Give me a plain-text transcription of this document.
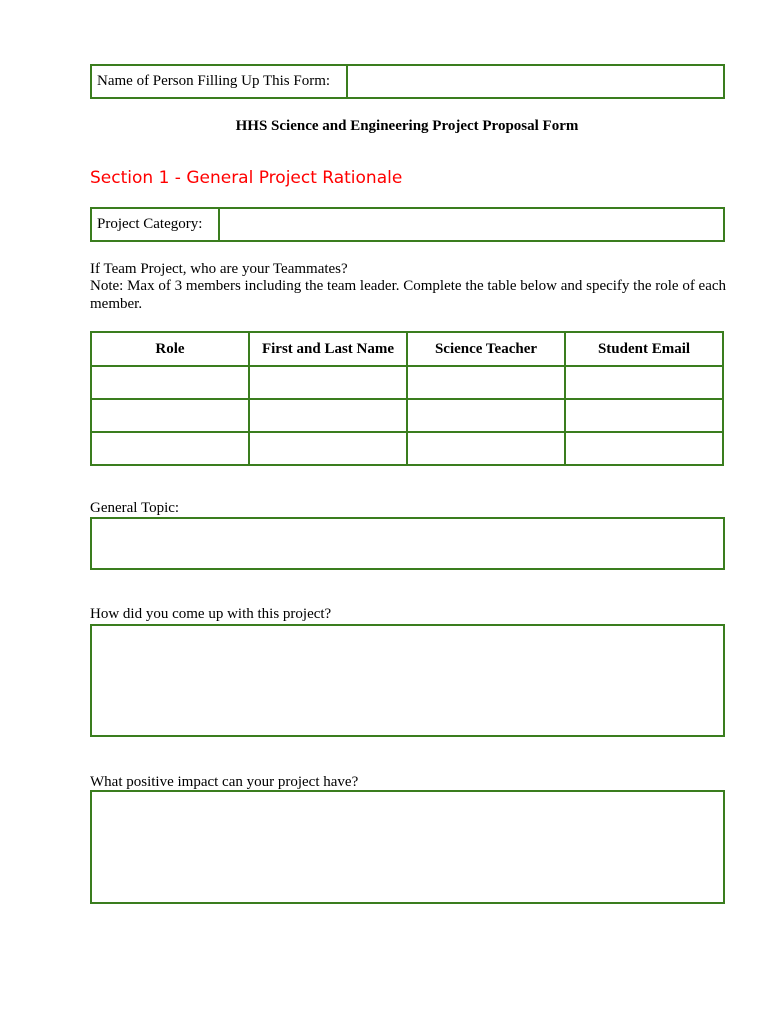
Name of Person Filling Up This Form:
HHS Science and Engineering Project Proposal Form
Section 1 - General Project Rationale
Project Category:
If Team Project, who are your Teammates?
Note: Max of 3 members including the team leader. Complete the table below and specify the role of each member.
Role	First and Last Name	Science Teacher	Student Email

General Topic:
How did you come up with this project?
What positive impact can your project have?
